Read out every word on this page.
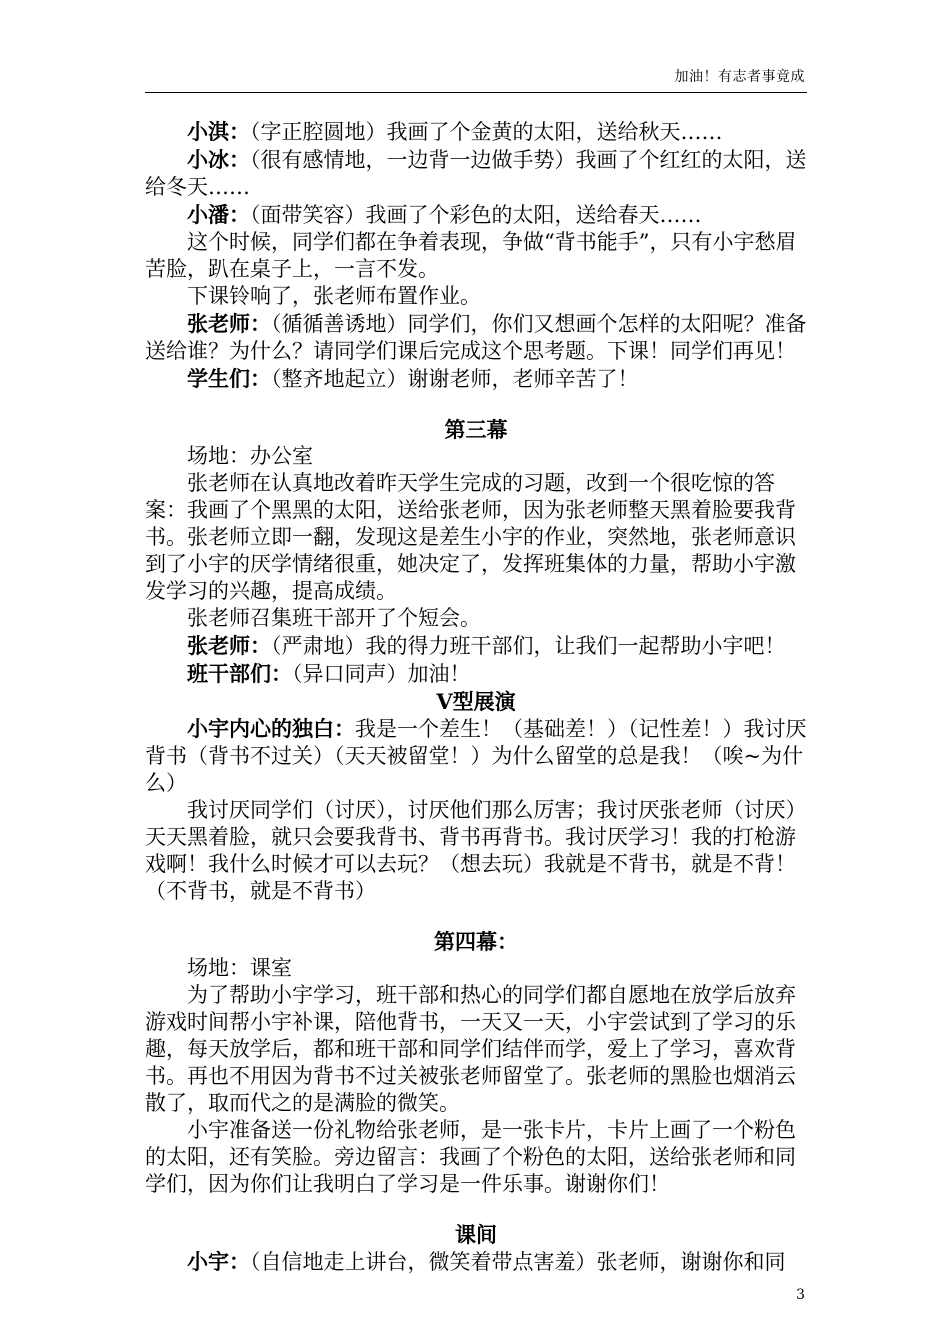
加油！有志者事竟成

小淇：（字正腔圆地）我画了个金黄的太阳，送给秋天……

小冰：（很有感情地，一边背一边做手势）我画了个红红的太阳，送给冬天……

小潘：（面带笑容）我画了个彩色的太阳，送给春天……

这个时候，同学们都在争着表现，争做“背书能手”，只有小宇愁眉苦脸，趴在桌子上，一言不发。

下课铃响了，张老师布置作业。

张老师：（循循善诱地）同学们，你们又想画个怎样的太阳呢？准备送给谁？为什么？请同学们课后完成这个思考题。下课！同学们再见！

学生们：（整齐地起立）谢谢老师，老师辛苦了！

第三幕

场地：办公室

张老师在认真地改着昨天学生完成的习题，改到一个很吃惊的答案：我画了个黑黑的太阳，送给张老师，因为张老师整天黑着脸要我背书。张老师立即一翻，发现这是差生小宇的作业，突然地，张老师意识到了小宇的厌学情绪很重，她决定了，发挥班集体的力量，帮助小宇激发学习的兴趣，提高成绩。

张老师召集班干部开了个短会。

张老师：（严肃地）我的得力班干部们，让我们一起帮助小宇吧！

班干部们：（异口同声）加油！

V型展演

小宇内心的独白：我是一个差生！（基础差！）（记性差！）我讨厌背书（背书不过关）（天天被留堂！）为什么留堂的总是我！（唉~为什么）

我讨厌同学们（讨厌），讨厌他们那么厉害；我讨厌张老师（讨厌）天天黑着脸，就只会要我背书、背书再背书。我讨厌学习！我的打枪游戏啊！我什么时候才可以去玩？（想去玩）我就是不背书，就是不背！（不背书，就是不背书）

第四幕：

场地：课室

为了帮助小宇学习，班干部和热心的同学们都自愿地在放学后放弃游戏时间帮小宇补课，陪他背书，一天又一天，小宇尝试到了学习的乐趣，每天放学后，都和班干部和同学们结伴而学，爱上了学习，喜欢背书。再也不用因为背书不过关被张老师留堂了。张老师的黑脸也烟消云散了，取而代之的是满脸的微笑。

小宇准备送一份礼物给张老师，是一张卡片，卡片上画了一个粉色的太阳，还有笑脸。旁边留言：我画了个粉色的太阳，送给张老师和同学们，因为你们让我明白了学习是一件乐事。谢谢你们！

课间

小宇：（自信地走上讲台，微笑着带点害羞）张老师，谢谢你和同

3
